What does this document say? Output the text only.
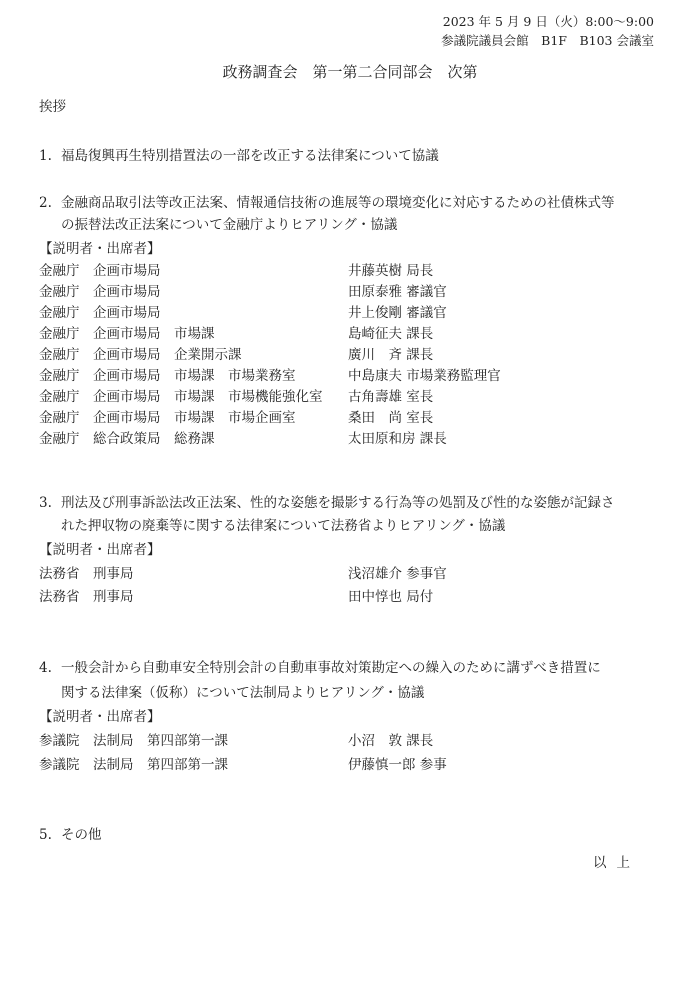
2023 年 5 月 9 日（火）8:00～9:00
参議院議員会館　B1F　B103 会議室
政務調査会　第一第二合同部会　次第
挨拶
1. 福島復興再生特別措置法の一部を改正する法律案について協議
2. 金融商品取引法等改正法案、情報通信技術の進展等の環境変化に対応するための社債株式等
の振替法改正法案について金融庁よりヒアリング・協議
【説明者・出席者】
金融庁　企画市場局	井藤英樹 局長
金融庁　企画市場局	田原泰雅 審議官
金融庁　企画市場局	井上俊剛 審議官
金融庁　企画市場局　市場課	島崎征夫 課長
金融庁　企画市場局　企業開示課	廣川　斉 課長
金融庁　企画市場局　市場課　市場業務室	中島康夫 市場業務監理官
金融庁　企画市場局　市場課　市場機能強化室 古角壽雄 室長
金融庁　企画市場局　市場課　市場企画室	桑田　尚 室長
金融庁　総合政策局　総務課	太田原和房 課長
3. 刑法及び刑事訴訟法改正法案、性的な姿態を撮影する行為等の処罰及び性的な姿態が記録さ
れた押収物の廃棄等に関する法律案について法務省よりヒアリング・協議
【説明者・出席者】
法務省　刑事局	浅沼雄介 参事官
法務省　刑事局	田中惇也 局付
4. 一般会計から自動車安全特別会計の自動車事故対策勘定への繰入のために講ずべき措置に
関する法律案（仮称）について法制局よりヒアリング・協議
【説明者・出席者】
参議院　法制局　第四部第一課	小沼　敦 課長
参議院　法制局　第四部第一課	伊藤慎一郎 参事
5. その他
以上
